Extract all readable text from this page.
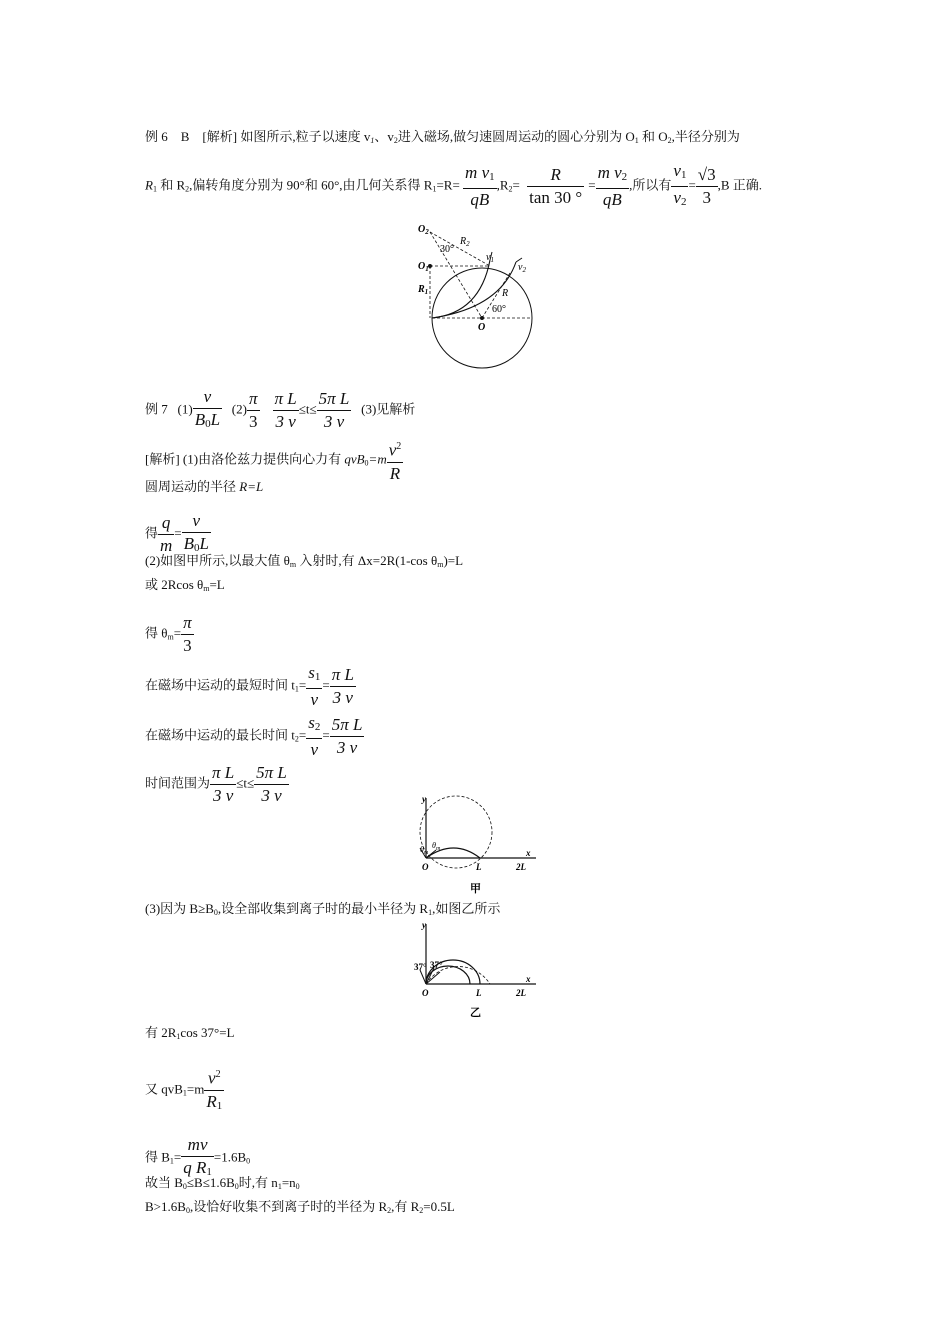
例 6　B　[解析] 如图所示,粒子以速度 $v_1$、$v_2$进入磁场,做匀速圆周运动的圆心分别为 $O_1$ 和 $O_2$,半径分别为
$R_1$ 和 $R_2$,偏转角度分别为 90°和 60°,由几何关系得 $R_1=R= \frac{m v_1}{qB} ,R_2= \frac{R}{\tan 30 ^\circ} = \frac{m v_2}{qB}$ ,所以有 $\frac{v_1}{v_2} = \frac{√3}{3} ,B$ 正确.
$O_2$
$O_1$
$R_1$
$R_2$
30°
R
60°
O
$v_1$
$v_2$
例 7 $(1) \frac{v}{B_0L} (2) \frac{\pi}{3}$
$\frac{\text{π L}}{3 v} \le t\le \frac{\text{5π L}}{3 v} (3)$见解析
[解析] (1)由洛伦兹力提供向心力有 $qvB_0=m \frac{v^2}{R}$
圆周运动的半径 R=L
得 $\frac{q}{m} = \frac{v}{B_0L}$
(2)如图甲所示,以最大值 $\theta_m$ 入射时,有 Δx=2R(1-cos $\theta_m)=L$
或 2Rcos $\theta_m=L$
得 $\theta_m= \frac{\pi}{3}$
在磁场中运动的最短时间 $t_1= \frac{s_1}{v} = \frac{\text{π L}}{3 v}$
在磁场中运动的最长时间 $t_2= \frac{s_2}{v} = \frac{\text{5π L}}{3 v}$
时间范围为 $\frac{\text{π L}}{3 v} \le t\le \frac{\text{5π L}}{3 v}$	y
x
O	L	2L
$\theta_m$
$\theta_m$
甲
(3)因为 $B\ge B_0$,设全部收集到离子时的最小半径为 $R_1$,如图乙所示
y
x
O	L	2L
37° 37°
乙
有 $2R_1\cos$ 37°=L
又 $qvB_1=m \frac{v^2}{R_1}$
得 $B_1= \frac{mv}{q R_1} =1.6B_0$
故当 $B_0\le B\le 1.6B_0$时,有 $n_1=n_0$
$B>1.6B_0$,设恰好收集不到离子时的半径为 $R_2$,有 $R_2=0.5L$
